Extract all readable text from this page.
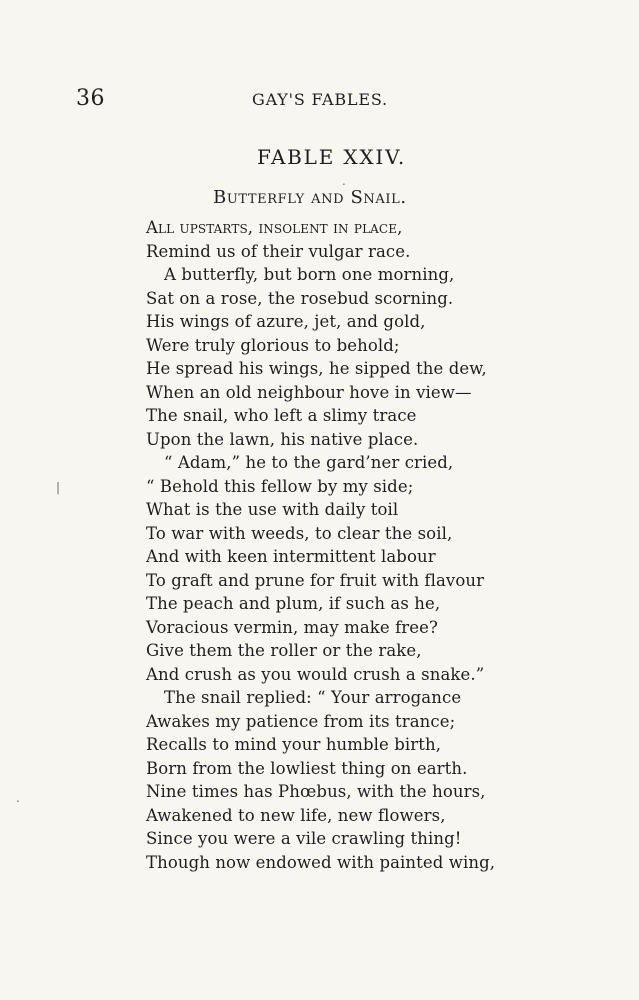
36	GAY'S FABLES.
FABLE XXIV.
Butterfly and Snail.
All upstarts, insolent in place,
Remind us of their vulgar race.
A butterfly, but born one morning,
Sat on a rose, the rosebud scorning.
His wings of azure, jet, and gold,
Were truly glorious to behold;
He spread his wings, he sipped the dew,
When an old neighbour hove in view—
The snail, who left a slimy trace
Upon the lawn, his native place.
“ Adam,” he to the gard’ner cried,
“ Behold this fellow by my side;
What is the use with daily toil
To war with weeds, to clear the soil,
And with keen intermittent labour
To graft and prune for fruit with flavour
The peach and plum, if such as he,
Voracious vermin, may make free?
Give them the roller or the rake,
And crush as you would crush a snake.”
The snail replied: “ Your arrogance
Awakes my patience from its trance;
Recalls to mind your humble birth,
Born from the lowliest thing on earth.
Nine times has Phœbus, with the hours,
Awakened to new life, new flowers,
Since you were a vile crawling thing!
Though now endowed with painted wing,
.
.
|
